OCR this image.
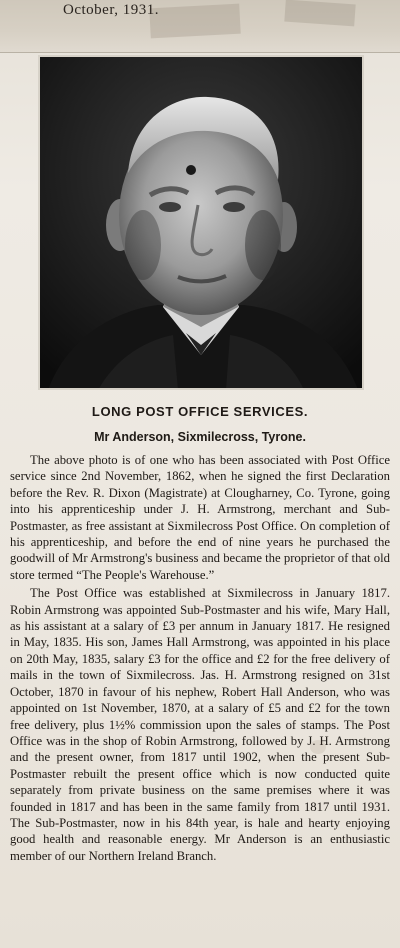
October, 1931.
LONG POST OFFICE SERVICES.
Mr Anderson, Sixmilecross, Tyrone.

The above photo is of one who has been associated with Post Office service since 2nd November, 1862, when he signed the first Declaration before the Rev. R. Dixon (Magistrate) at Clougharney, Co. Tyrone, going into his apprenticeship under J. H. Armstrong, merchant and Sub-Postmaster, as free assistant at Sixmilecross Post Office. On completion of his apprenticeship, and before the end of nine years he purchased the goodwill of Mr Armstrong's business and became the proprietor of that old store termed “The People's Warehouse.”

The Post Office was established at Sixmilecross in January 1817. Robin Armstrong was appointed Sub-Postmaster and his wife, Mary Hall, as his assistant at a salary of £3 per annum in January 1817. He resigned in May, 1835. His son, James Hall Armstrong, was appointed in his place on 20th May, 1835, salary £3 for the office and £2 for the free delivery of mails in the town of Sixmilecross. Jas. H. Armstrong resigned on 31st October, 1870 in favour of his nephew, Robert Hall Anderson, who was appointed on 1st November, 1870, at a salary of £5 and £2 for the town free delivery, plus 1½% commission upon the sales of stamps. The Post Office was in the shop of Robin Armstrong, followed by J. H. Armstrong and the present owner, from 1817 until 1902, when the present Sub-Postmaster rebuilt the present office which is now conducted quite separately from private business on the same premises where it was founded in 1817 and has been in the same family from 1817 until 1931. The Sub-Postmaster, now in his 84th year, is hale and hearty enjoying good health and reasonable energy. Mr Anderson is an enthusiastic member of our Northern Ireland Branch.
